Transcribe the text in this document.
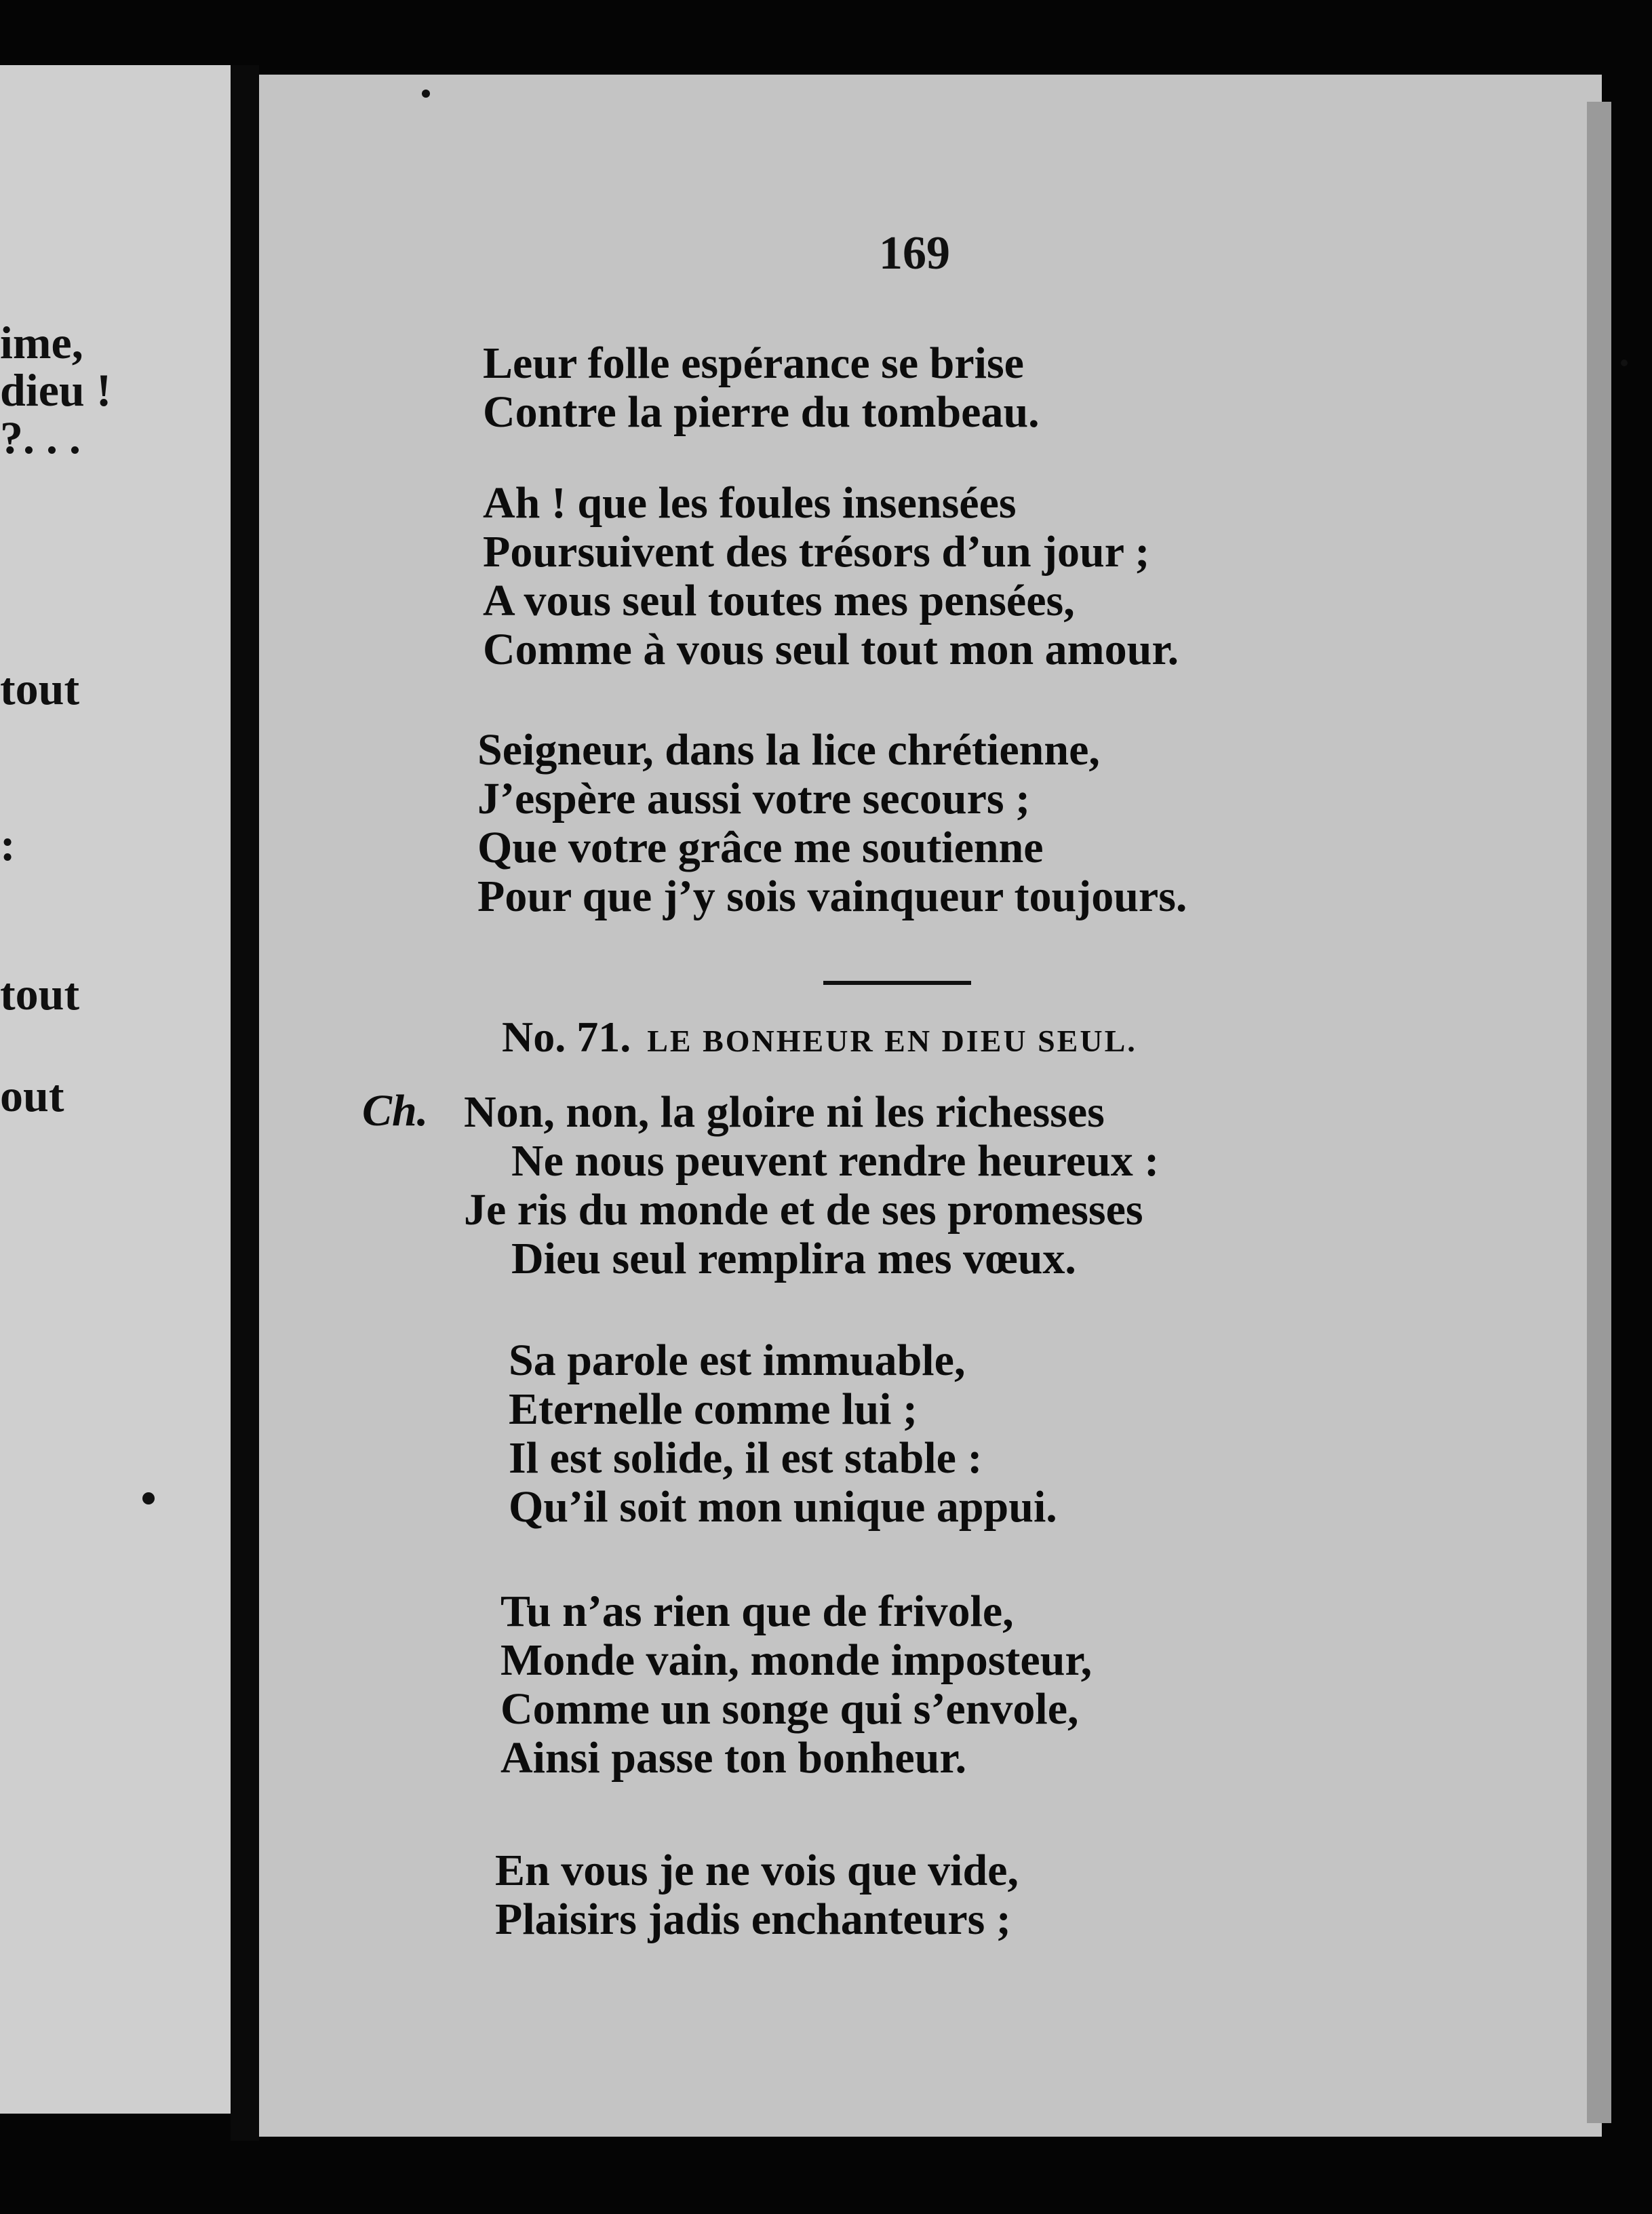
ime,
dieu !
?. . .
tout
:
tout
out
169
Leur folle espérance se brise
Contre la pierre du tombeau.
Ah ! que les foules insensées
Poursuivent des trésors d’un jour ;
A vous seul toutes mes pensées,
Comme à vous seul tout mon amour.
Seigneur, dans la lice chrétienne,
J’espère aussi votre secours ;
Que votre grâce me soutienne
Pour que j’y sois vainqueur toujours.
No. 71. LE BONHEUR EN DIEU SEUL.
Ch. Non, non, la gloire ni les richesses
Ne nous peuvent rendre heureux :
Je ris du monde et de ses promesses
Dieu seul remplira mes vœux.
Sa parole est immuable,
Eternelle comme lui ;
Il est solide, il est stable :
Qu’il soit mon unique appui.
Tu n’as rien que de frivole,
Monde vain, monde imposteur,
Comme un songe qui s’envole,
Ainsi passe ton bonheur.
En vous je ne vois que vide,
Plaisirs jadis enchanteurs ;
